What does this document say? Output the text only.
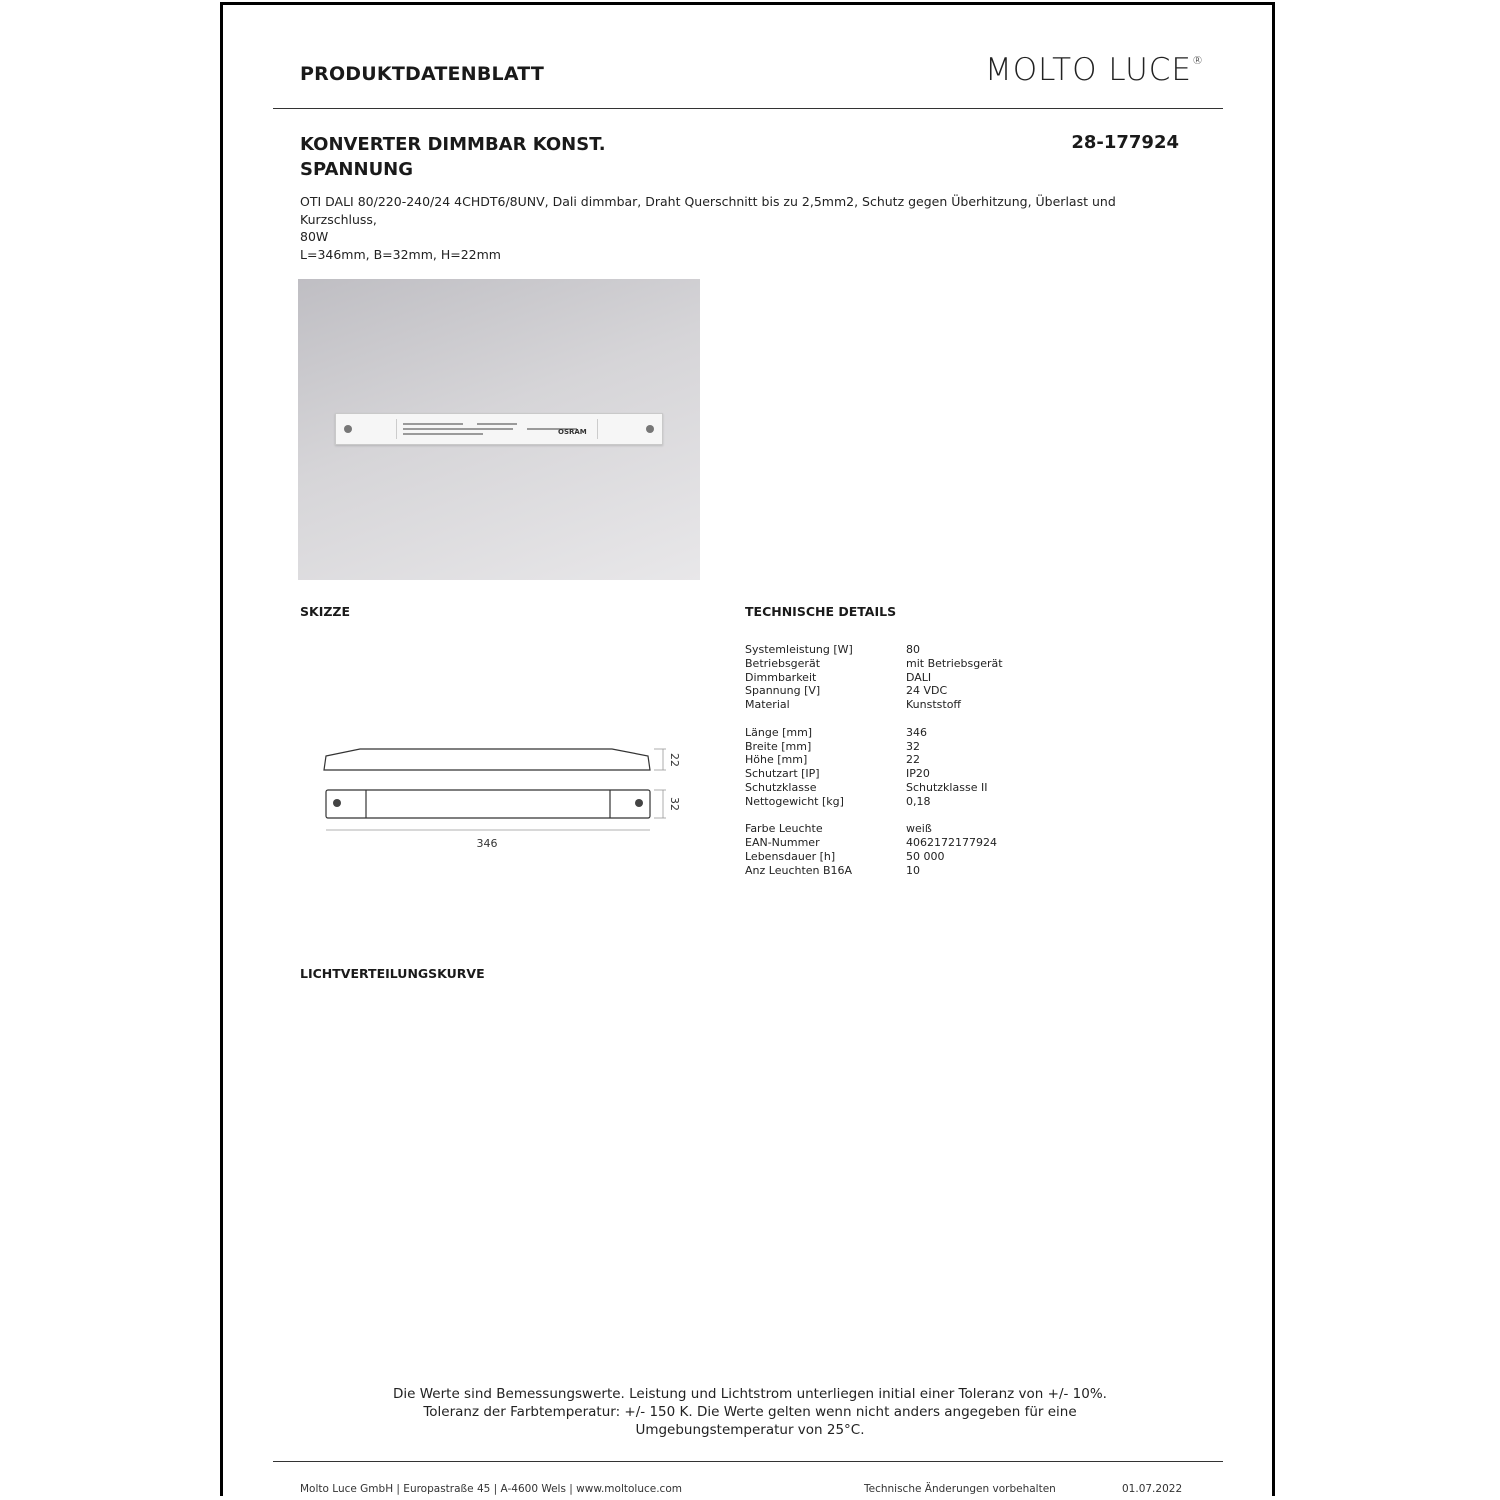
PRODUKTDATENBLATT	MOLTO LUCE®
KONVERTER DIMMBAR KONST.
SPANNUNG
28-177924
OTI DALI 80/220-240/24 4CHDT6/8UNV, Dali dimmbar, Draht Querschnitt bis zu 2,5mm2, Schutz gegen Überhitzung, Überlast und Kurzschluss,
80W
L=346mm, B=32mm, H=22mm
OSRAM
SKIZZE
22
32
346
TECHNISCHE DETAILS
Systemleistung [W]	80
Betriebsgerät	mit Betriebsgerät
Dimmbarkeit	DALI
Spannung [V]	24 VDC
Material	Kunststoff
Länge [mm]	346
Breite [mm]	32
Höhe [mm]	22
Schutzart [IP]	IP20
Schutzklasse	Schutzklasse II
Nettogewicht [kg]	0,18
Farbe Leuchte	weiß
EAN-Nummer	4062172177924
Lebensdauer [h]	50 000
Anz Leuchten B16A	10
LICHTVERTEILUNGSKURVE
Die Werte sind Bemessungswerte. Leistung und Lichtstrom unterliegen initial einer Toleranz von +/- 10%.
Toleranz der Farbtemperatur: +/- 150 K. Die Werte gelten wenn nicht anders angegeben für eine
Umgebungstemperatur von 25°C.
Molto Luce GmbH | Europastraße 45 | A-4600 Wels | www.moltoluce.com	Technische Änderungen vorbehalten	01.07.2022
